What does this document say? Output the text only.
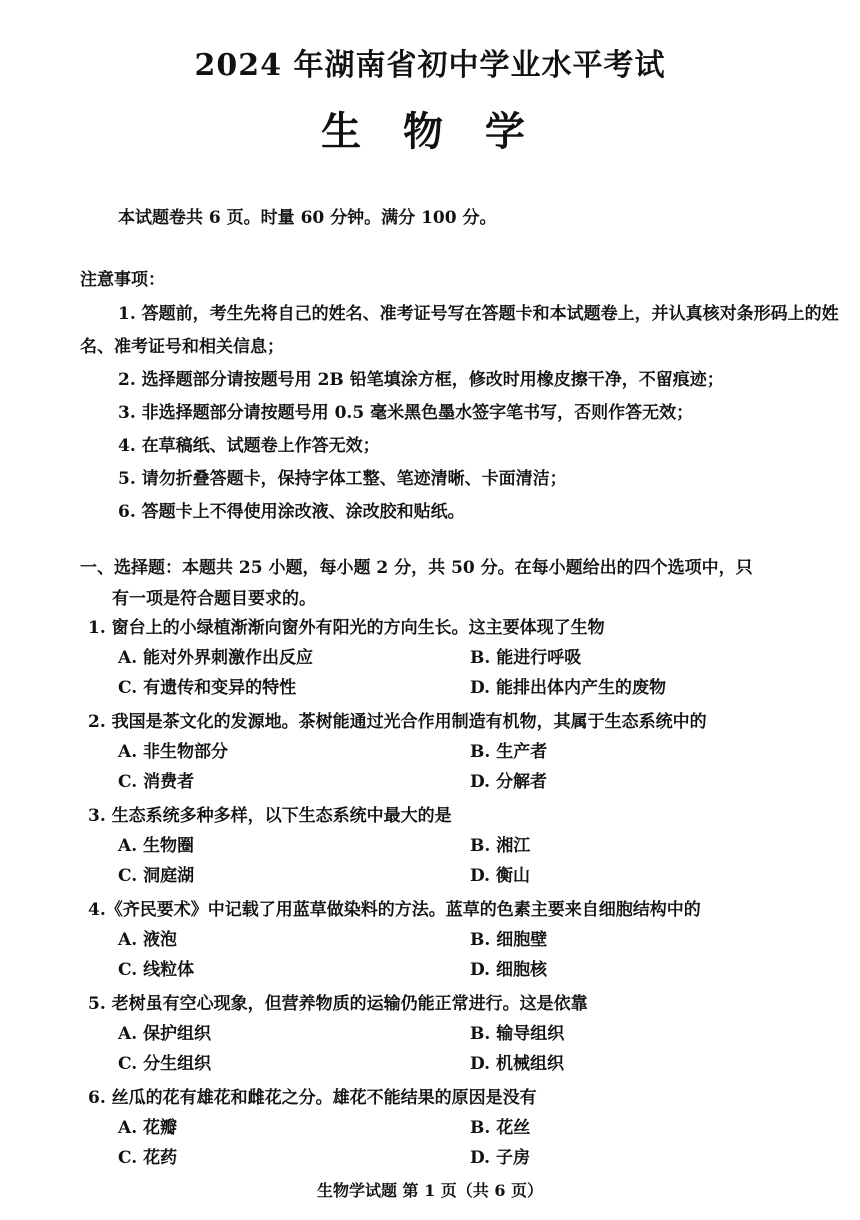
2024 年湖南省初中学业水平考试
生 物 学
本试题卷共 6 页。时量 60 分钟。满分 100 分。
注意事项：
1. 答题前，考生先将自己的姓名、准考证号写在答题卡和本试题卷上，并认真核对条形码上的姓名、准考证号和相关信息；
2. 选择题部分请按题号用 2B 铅笔填涂方框，修改时用橡皮擦干净，不留痕迹；
3. 非选择题部分请按题号用 0.5 毫米黑色墨水签字笔书写，否则作答无效；
4. 在草稿纸、试题卷上作答无效；
5. 请勿折叠答题卡，保持字体工整、笔迹清晰、卡面清洁；
6. 答题卡上不得使用涂改液、涂改胶和贴纸。
一、选择题：本题共 25 小题，每小题 2 分，共 50 分。在每小题给出的四个选项中，只
有一项是符合题目要求的。
1. 窗台上的小绿植渐渐向窗外有阳光的方向生长。这主要体现了生物
A. 能对外界刺激作出反应	B. 能进行呼吸
C. 有遗传和变异的特性	D. 能排出体内产生的废物
2. 我国是茶文化的发源地。茶树能通过光合作用制造有机物，其属于生态系统中的
A. 非生物部分	B. 生产者
C. 消费者	D. 分解者
3. 生态系统多种多样，以下生态系统中最大的是
A. 生物圈	B. 湘江
C. 洞庭湖	D. 衡山
4.《齐民要术》中记载了用蓝草做染料的方法。蓝草的色素主要来自细胞结构中的
A. 液泡	B. 细胞壁
C. 线粒体	D. 细胞核
5. 老树虽有空心现象，但营养物质的运输仍能正常进行。这是依靠
A. 保护组织	B. 输导组织
C. 分生组织	D. 机械组织
6. 丝瓜的花有雄花和雌花之分。雄花不能结果的原因是没有
A. 花瓣	B. 花丝
C. 花药	D. 子房
生物学试题 第 1 页（共 6 页）
